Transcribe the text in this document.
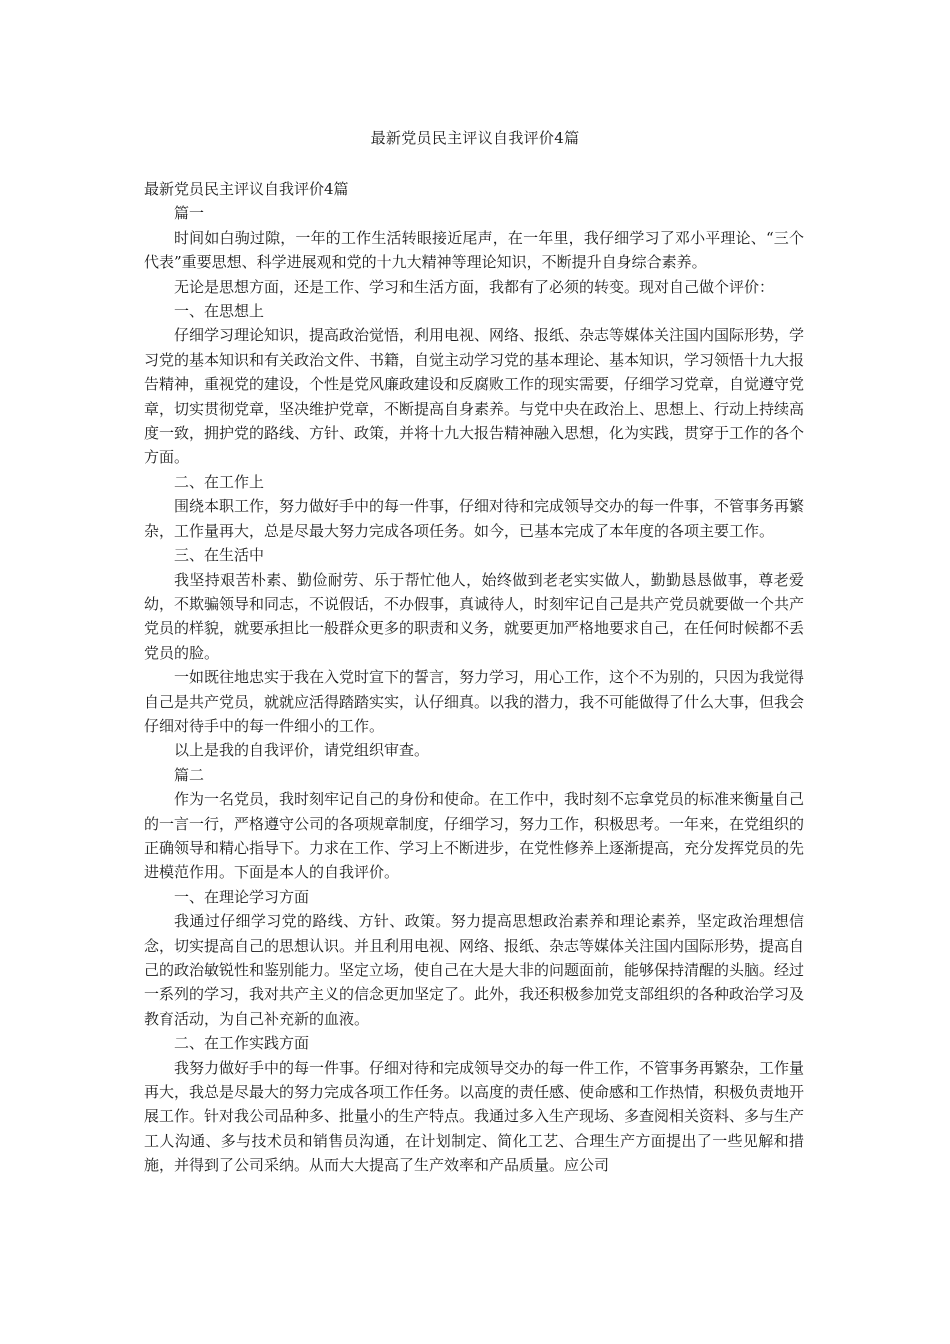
最新党员民主评议自我评价4篇

最新党员民主评议自我评价4篇

篇一

时间如白驹过隙，一年的工作生活转眼接近尾声，在一年里，我仔细学习了邓小平理论、“三个代表”重要思想、科学进展观和党的十九大精神等理论知识，不断提升自身综合素养。

无论是思想方面，还是工作、学习和生活方面，我都有了必须的转变。现对自己做个评价：

一、在思想上

仔细学习理论知识，提高政治觉悟，利用电视、网络、报纸、杂志等媒体关注国内国际形势，学习党的基本知识和有关政治文件、书籍，自觉主动学习党的基本理论、基本知识，学习领悟十九大报告精神，重视党的建设，个性是党风廉政建设和反腐败工作的现实需要，仔细学习党章，自觉遵守党章，切实贯彻党章，坚决维护党章，不断提高自身素养。与党中央在政治上、思想上、行动上持续高度一致，拥护党的路线、方针、政策，并将十九大报告精神融入思想，化为实践，贯穿于工作的各个方面。

二、在工作上

围绕本职工作，努力做好手中的每一件事，仔细对待和完成领导交办的每一件事，不管事务再繁杂，工作量再大，总是尽最大努力完成各项任务。如今，已基本完成了本年度的各项主要工作。

三、在生活中

我坚持艰苦朴素、勤俭耐劳、乐于帮忙他人，始终做到老老实实做人，勤勤恳恳做事，尊老爱幼，不欺骗领导和同志，不说假话，不办假事，真诚待人，时刻牢记自己是共产党员就要做一个共产党员的样貌，就要承担比一般群众更多的职责和义务，就要更加严格地要求自己，在任何时候都不丢党员的脸。

一如既往地忠实于我在入党时宣下的誓言，努力学习，用心工作，这个不为别的，只因为我觉得自己是共产党员，就就应活得踏踏实实，认仔细真。以我的潜力，我不可能做得了什么大事，但我会仔细对待手中的每一件细小的工作。

以上是我的自我评价，请党组织审查。

篇二

作为一名党员，我时刻牢记自己的身份和使命。在工作中，我时刻不忘拿党员的标准来衡量自己的一言一行，严格遵守公司的各项规章制度，仔细学习，努力工作，积极思考。一年来，在党组织的正确领导和精心指导下。力求在工作、学习上不断进步，在党性修养上逐渐提高，充分发挥党员的先进模范作用。下面是本人的自我评价。

一、在理论学习方面

我通过仔细学习党的路线、方针、政策。努力提高思想政治素养和理论素养，坚定政治理想信念，切实提高自己的思想认识。并且利用电视、网络、报纸、杂志等媒体关注国内国际形势，提高自己的政治敏锐性和鉴别能力。坚定立场，使自己在大是大非的问题面前，能够保持清醒的头脑。经过一系列的学习，我对共产主义的信念更加坚定了。此外，我还积极参加党支部组织的各种政治学习及教育活动，为自己补充新的血液。

二、在工作实践方面

我努力做好手中的每一件事。仔细对待和完成领导交办的每一件工作，不管事务再繁杂，工作量再大，我总是尽最大的努力完成各项工作任务。以高度的责任感、使命感和工作热情，积极负责地开展工作。针对我公司品种多、批量小的生产特点。我通过多入生产现场、多查阅相关资料、多与生产工人沟通、多与技术员和销售员沟通，在计划制定、简化工艺、合理生产方面提出了一些见解和措施，并得到了公司采纳。从而大大提高了生产效率和产品质量。应公司
